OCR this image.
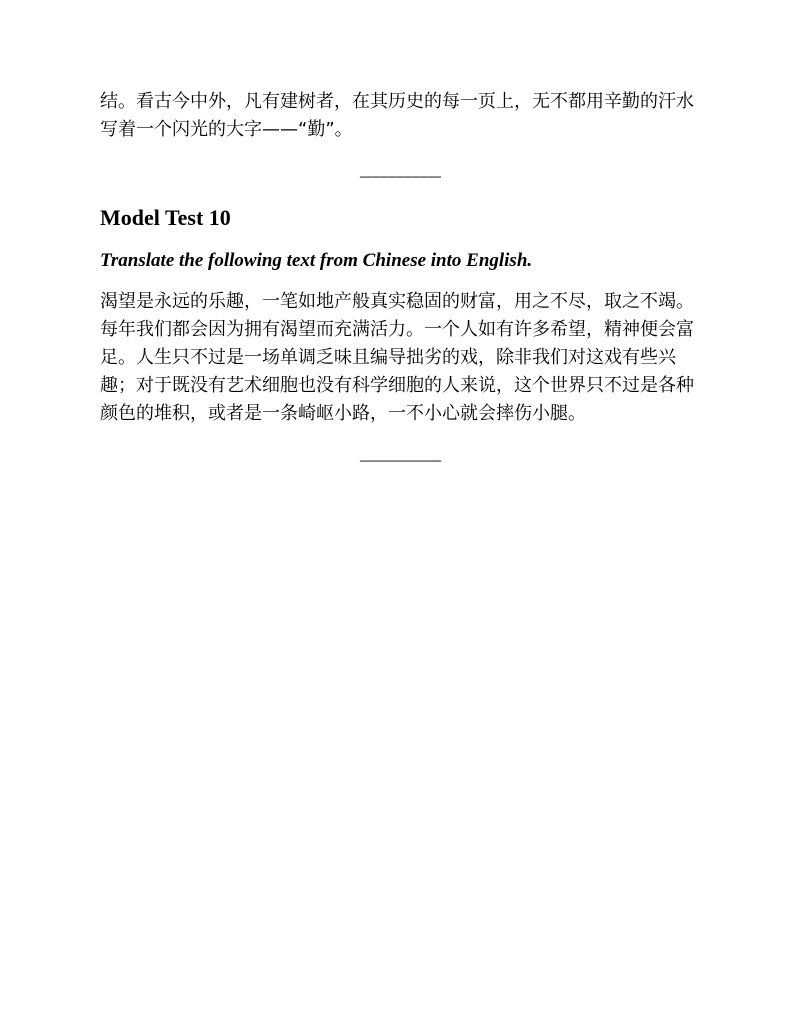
结。看古今中外，凡有建树者，在其历史的每一页上，无不都用辛勤的汗水写着一个闪光的大字——“勤”。

__________

Model Test 10

Translate the following text from Chinese into English.

渴望是永远的乐趣，一笔如地产般真实稳固的财富，用之不尽，取之不竭。每年我们都会因为拥有渴望而充满活力。一个人如有许多希望，精神便会富足。人生只不过是一场单调乏味且编导拙劣的戏，除非我们对这戏有些兴趣；对于既没有艺术细胞也没有科学细胞的人来说，这个世界只不过是各种颜色的堆积，或者是一条崎岖小路，一不小心就会摔伤小腿。

__________
